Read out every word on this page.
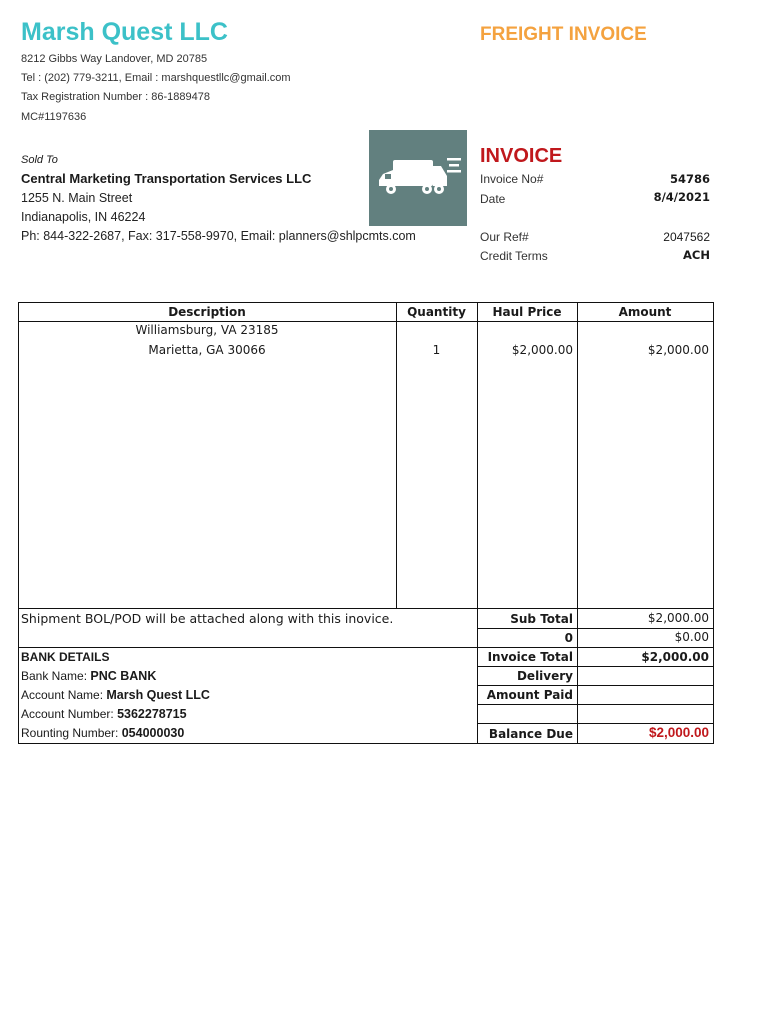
Marsh Quest LLC	FREIGHT INVOICE
8212 Gibbs Way Landover, MD 20785
Tel : (202) 779-3211, Email : marshquestllc@gmail.com
Tax Registration Number : 86-1889478
MC#1197636
Sold To
Central Marketing Transportation Services LLC
1255 N. Main Street
Indianapolis, IN 46224
Ph: 844-322-2687, Fax: 317-558-9970, Email: planners@shlpcmts.com
INVOICE
Invoice No#	54786
Date	8/4/2021
Our Ref#	2047562
Credit Terms	ACH
Description	Quantity	Haul Price	Amount
Williamsburg, VA 23185
Marietta, GA 30066	1	$2,000.00	$2,000.00
Shipment BOL/POD will be attached along with this inovice.	Sub Total	$2,000.00
0	$0.00
Invoice Total	$2,000.00
Delivery
Amount Paid
Balance Due	$2,000.00
BANK DETAILS
Bank Name: PNC BANK
Account Name: Marsh Quest LLC
Account Number: 5362278715
Rounting Number: 054000030
